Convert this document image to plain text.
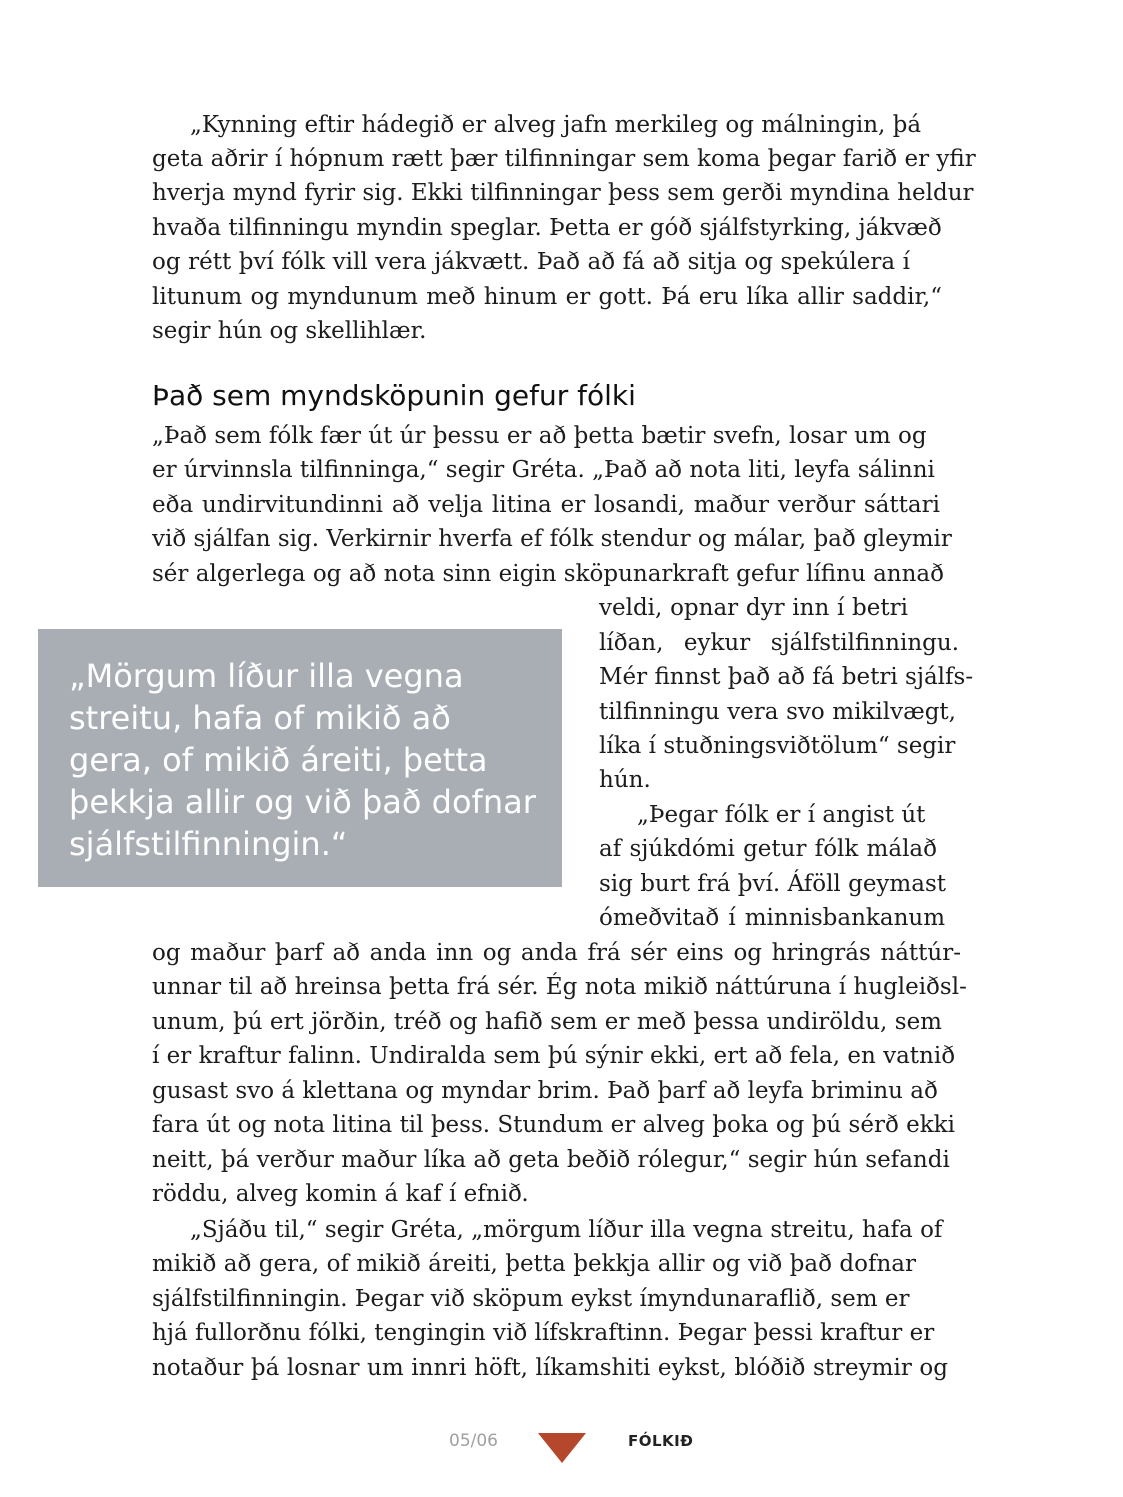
„Kynning eftir hádegið er alveg jafn merkileg og málningin, þá
geta aðrir í hópnum rætt þær tilfinningar sem koma þegar farið er yfir
hverja mynd fyrir sig. Ekki tilfinningar þess sem gerði myndina heldur
hvaða tilfinningu myndin speglar. Þetta er góð sjálfstyrking, jákvæð
og rétt því fólk vill vera jákvætt. Það að fá að sitja og spekúlera í
litunum og myndunum með hinum er gott. Þá eru líka allir saddir,“
segir hún og skellihlær.
Það sem myndsköpunin gefur fólki
„Það sem fólk fær út úr þessu er að þetta bætir svefn, losar um og
er úrvinnsla tilfinninga,“ segir Gréta. „Það að nota liti, leyfa sálinni
eða undirvitundinni að velja litina er losandi, maður verður sáttari
við sjálfan sig. Verkirnir hverfa ef fólk stendur og málar, það gleymir
sér algerlega og að nota sinn eigin sköpunarkraft gefur lífinu annað
veldi, opnar dyr inn í betri
líðan, eykur sjálfstilfinningu.
Mér finnst það að fá betri sjálfs-
tilfinningu vera svo mikilvægt,
líka í stuðningsviðtölum“ segir
hún.
„Mörgum líður illa vegna
streitu, hafa of mikið að
gera, of mikið áreiti, þetta
þekkja allir og við það dofnar
sjálfstilfinningin.“
„Þegar fólk er í angist út
af sjúkdómi getur fólk málað
sig burt frá því. Áföll geymast
ómeðvitað í minnisbankanum
og maður þarf að anda inn og anda frá sér eins og hringrás náttúr-
unnar til að hreinsa þetta frá sér. Ég nota mikið náttúruna í hugleiðsl-
unum, þú ert jörðin, tréð og hafið sem er með þessa undiröldu, sem
í er kraftur falinn. Undiralda sem þú sýnir ekki, ert að fela, en vatnið
gusast svo á klettana og myndar brim. Það þarf að leyfa briminu að
fara út og nota litina til þess. Stundum er alveg þoka og þú sérð ekki
neitt, þá verður maður líka að geta beðið rólegur,“ segir hún sefandi
röddu, alveg komin á kaf í efnið.
„Sjáðu til,“ segir Gréta, „mörgum líður illa vegna streitu, hafa of
mikið að gera, of mikið áreiti, þetta þekkja allir og við það dofnar
sjálfstilfinningin. Þegar við sköpum eykst ímyndunaraflið, sem er
hjá fullorðnu fólki, tengingin við lífskraftinn. Þegar þessi kraftur er
notaður þá losnar um innri höft, líkamshiti eykst, blóðið streymir og
05/06	FÓLKIÐ
